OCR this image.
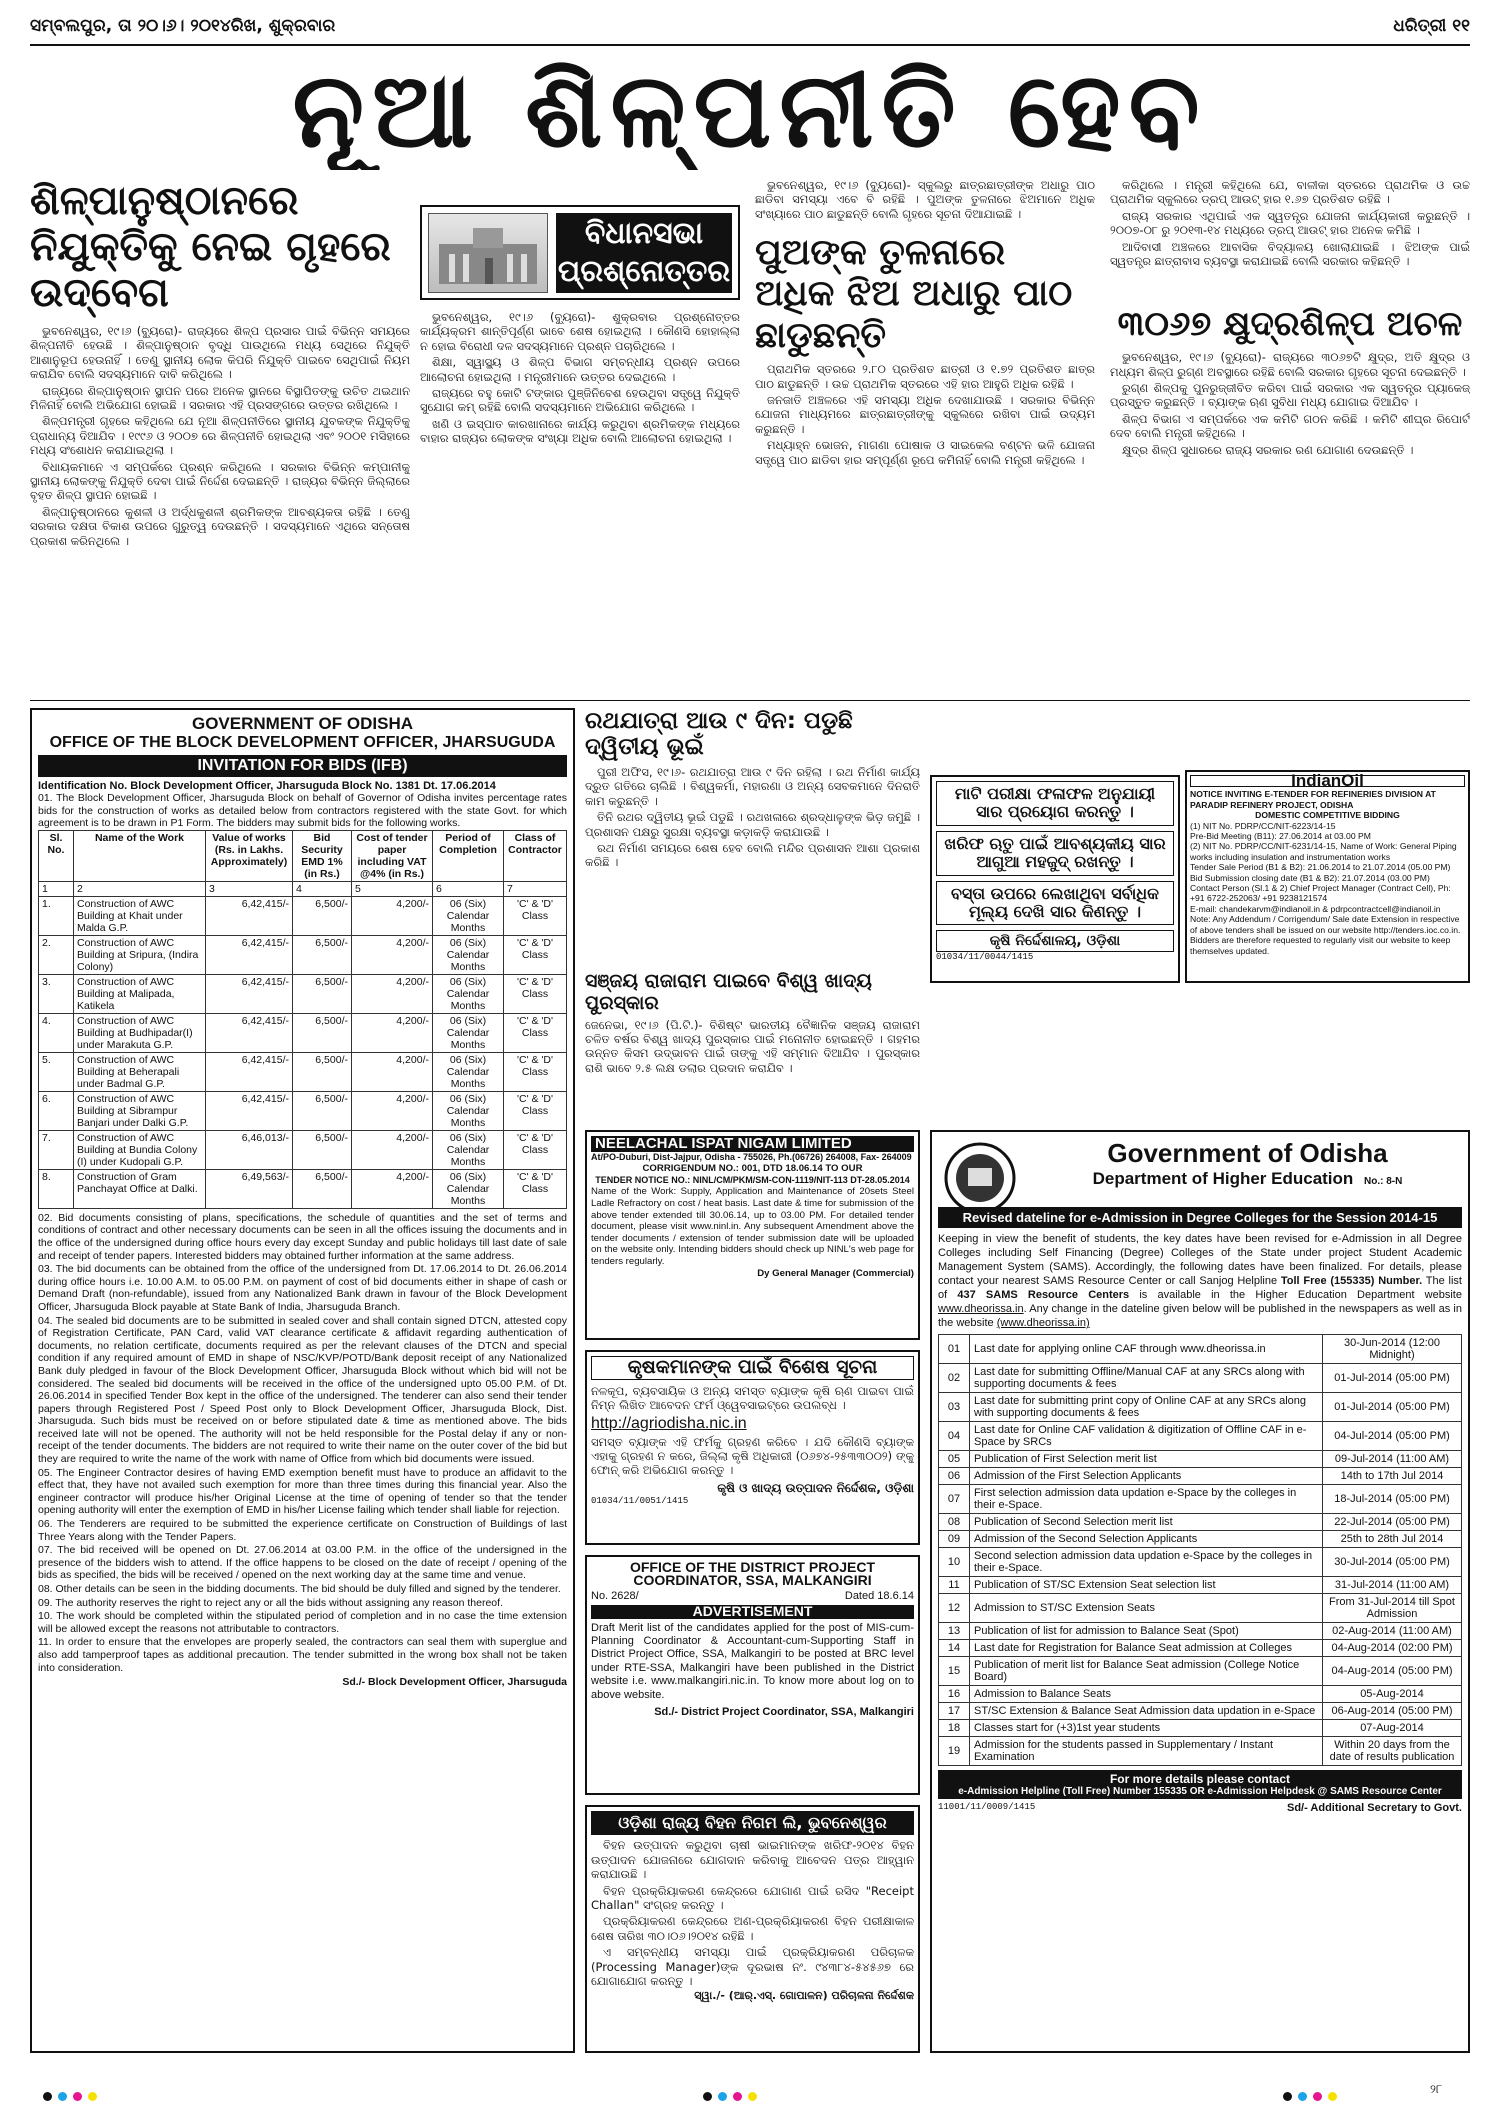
ସମ୍ବଲପୁର, ତା ୨୦।୬। ୨୦୧୪ରିଖ, ଶୁକ୍ରବାର	ଧରିତ୍ରୀ ୧୧
ନୂଆ ଶିଳ୍ପନୀତି ହେବ
ଶିଳ୍ପାନୁଷ୍ଠାନରେ ନିଯୁକ୍ତିକୁ ନେଇ ଗୃହରେ ଉଦ୍‌ବେଗ

ଭୁବନେଶ୍ୱର, ୧୯।୬ (ବ୍ୟୁରୋ)- ରାଜ୍ୟରେ ଶିଳ୍ପ ପ୍ରସାର ପାଇଁ ବିଭିନ୍ନ ସମୟରେ ଶିଳ୍ପନୀତି ହେଉଛି । ଶିଳ୍ପାନୁଷ୍ଠାନ ବୃଦ୍ଧି ପାଉଥିଲେ ମଧ୍ୟ ସେଥିରେ ନିଯୁକ୍ତି ଆଶାନୁରୂପ ହେଉନାହିଁ । ତେଣୁ ସ୍ଥାନୀୟ ଲୋକ କିପରି ନିଯୁକ୍ତି ପାଇବେ ସେଥିପାଇଁ ନିୟମ କରାଯିବ ବୋଲି ସଦସ୍ୟମାନେ ଦାବି କରିଥିଲେ ।

ରାଜ୍ୟରେ ଶିଳ୍ପାନୁଷ୍ଠାନ ସ୍ଥାପନ ପରେ ଅନେକ ସ୍ଥାନରେ ବିସ୍ଥାପିତଙ୍କୁ ଉଚିତ ଥଇଥାନ ମିଳିନାହିଁ ବୋଲି ଅଭିଯୋଗ ହୋଇଛି । ସରକାର ଏହି ପ୍ରସଙ୍ଗରେ ଉତ୍ତର ରଖିଥିଲେ ।

ଶିଳ୍ପମନ୍ତ୍ରୀ ଗୃହରେ କହିଥିଲେ ଯେ ନୂଆ ଶିଳ୍ପନୀତିରେ ସ୍ଥାନୀୟ ଯୁବକଙ୍କ ନିଯୁକ୍ତିକୁ ପ୍ରାଧାନ୍ୟ ଦିଆଯିବ । ୧୯୯୬ ଓ ୨୦୦୭ ରେ ଶିଳ୍ପନୀତି ହୋଇଥିଲା ଏବଂ ୨୦୦୧ ମସିହାରେ ମଧ୍ୟ ସଂଶୋଧନ କରାଯାଇଥିଲା ।

ବିଧାୟକମାନେ ଏ ସମ୍ପର୍କରେ ପ୍ରଶ୍ନ କରିଥିଲେ । ସରକାର ବିଭିନ୍ନ କମ୍ପାନୀକୁ ସ୍ଥାନୀୟ ଲୋକଙ୍କୁ ନିଯୁକ୍ତି ଦେବା ପାଇଁ ନିର୍ଦ୍ଦେଶ ଦେଇଛନ୍ତି । ରାଜ୍ୟର ବିଭିନ୍ନ ଜିଲ୍ଲାରେ ବୃହତ ଶିଳ୍ପ ସ୍ଥାପନ ହୋଇଛି ।

ଶିଳ୍ପାନୁଷ୍ଠାନରେ କୁଶଳୀ ଓ ଅର୍ଦ୍ଧକୁଶଳୀ ଶ୍ରମିକଙ୍କ ଆବଶ୍ୟକତା ରହିଛି । ତେଣୁ ସରକାର ଦକ୍ଷତା ବିକାଶ ଉପରେ ଗୁରୁତ୍ୱ ଦେଉଛନ୍ତି । ସଦସ୍ୟମାନେ ଏଥିରେ ସନ୍ତୋଷ ପ୍ରକାଶ କରିନଥିଲେ ।

ବିଧାନସଭା ପ୍ରଶ୍ନୋତ୍ତର

ଭୁବନେଶ୍ୱର, ୧୯।୬ (ବ୍ୟୁରୋ)- ଶୁକ୍ରବାର ପ୍ରଶ୍ନୋତ୍ତର କାର୍ଯ୍ୟକ୍ରମ ଶାନ୍ତିପୂର୍ଣ୍ଣ ଭାବେ ଶେଷ ହୋଇଥିଲା । କୌଣସି ହୋହାଲ୍ଲା ନ ହୋଇ ବିରୋଧୀ ଦଳ ସଦସ୍ୟମାନେ ପ୍ରଶ୍ନ ପଚାରିଥିଲେ ।

ଶିକ୍ଷା, ସ୍ୱାସ୍ଥ୍ୟ ଓ ଶିଳ୍ପ ବିଭାଗ ସମ୍ବନ୍ଧୀୟ ପ୍ରଶ୍ନ ଉପରେ ଆଲୋଚନା ହୋଇଥିଲା । ମନ୍ତ୍ରୀମାନେ ଉତ୍ତର ଦେଇଥିଲେ ।

ରାଜ୍ୟରେ ବହୁ କୋଟି ଟଙ୍କାର ପୁଞ୍ଜିନିବେଶ ହେଉଥିବା ସତ୍ତ୍ୱେ ନିଯୁକ୍ତି ସୁଯୋଗ କମ୍ ରହିଛି ବୋଲି ସଦସ୍ୟମାନେ ଅଭିଯୋଗ କରିଥିଲେ ।

ଖଣି ଓ ଇସ୍ପାତ କାରଖାନାରେ କାର୍ଯ୍ୟ କରୁଥିବା ଶ୍ରମିକଙ୍କ ମଧ୍ୟରେ ବାହାର ରାଜ୍ୟର ଲୋକଙ୍କ ସଂଖ୍ୟା ଅଧିକ ବୋଲି ଆଲୋଚନା ହୋଇଥିଲା ।

ଭୁବନେଶ୍ୱର, ୧୯।୬ (ବ୍ୟୁରୋ)- ସ୍କୁଲରୁ ଛାତ୍ରଛାତ୍ରୀଙ୍କ ଅଧାରୁ ପାଠ ଛାଡିବା ସମସ୍ୟା ଏବେ ବି ରହିଛି । ପୁଅଙ୍କ ତୁଳନାରେ ଝିଅମାନେ ଅଧିକ ସଂଖ୍ୟାରେ ପାଠ ଛାଡୁଛନ୍ତି ବୋଲି ଗୃହରେ ସୂଚନା ଦିଆଯାଇଛି ।

ପୁଅଙ୍କ ତୁଳନାରେ ଅଧିକ ଝିଅ ଅଧାରୁ ପାଠ ଛାଡୁଛନ୍ତି

ପ୍ରାଥମିକ ସ୍ତରରେ ୨.୮୦ ପ୍ରତିଶତ ଛାତ୍ରୀ ଓ ୧.୭୨ ପ୍ରତିଶତ ଛାତ୍ର ପାଠ ଛାଡୁଛନ୍ତି । ଉଚ୍ଚ ପ୍ରାଥମିକ ସ୍ତରରେ ଏହି ହାର ଆହୁରି ଅଧିକ ରହିଛି ।

ଜନଜାତି ଅଞ୍ଚଳରେ ଏହି ସମସ୍ୟା ଅଧିକ ଦେଖାଯାଉଛି । ସରକାର ବିଭିନ୍ନ ଯୋଜନା ମାଧ୍ୟମରେ ଛାତ୍ରଛାତ୍ରୀଙ୍କୁ ସ୍କୁଲରେ ରଖିବା ପାଇଁ ଉଦ୍ୟମ କରୁଛନ୍ତି ।

ମଧ୍ୟାହ୍ନ ଭୋଜନ, ମାଗଣା ପୋଷାକ ଓ ସାଇକେଲ ବଣ୍ଟନ ଭଳି ଯୋଜନା ସତ୍ତ୍ୱେ ପାଠ ଛାଡିବା ହାର ସମ୍ପୂର୍ଣ୍ଣ ରୂପେ କମିନାହିଁ ବୋଲି ମନ୍ତ୍ରୀ କହିଥିଲେ ।

କରିଥିଲେ । ମନ୍ତ୍ରୀ କହିଥିଲେ ଯେ, ବାଳୀକା ସ୍ତରରେ ପ୍ରାଥମିକ ଓ ଉଚ୍ଚ ପ୍ରାଥମିକ ସ୍କୁଲରେ ଡ୍ରପ୍ ଆଉଟ୍ ହାର ୧.୬୭ ପ୍ରତିଶତ ରହିଛି ।

ରାଜ୍ୟ ସରକାର ଏଥିପାଇଁ ଏକ ସ୍ୱତନ୍ତ୍ର ଯୋଜନା କାର୍ଯ୍ୟକାରୀ କରୁଛନ୍ତି । ୨୦୦୭-୦୮ ରୁ ୨୦୧୩-୧୪ ମଧ୍ୟରେ ଡ୍ରପ୍ ଆଉଟ୍ ହାର ଅନେକ କମିଛି ।

ଆଦିବାସୀ ଅଞ୍ଚଳରେ ଆବାସିକ ବିଦ୍ୟାଳୟ ଖୋଲାଯାଇଛି । ଝିଅଙ୍କ ପାଇଁ ସ୍ୱତନ୍ତ୍ର ଛାତ୍ରାବାସ ବ୍ୟବସ୍ଥା କରାଯାଇଛି ବୋଲି ସରକାର କହିଛନ୍ତି ।

୩୦୬୭ କ୍ଷୁଦ୍ରଶିଳ୍ପ ଅଚଳ

ଭୁବନେଶ୍ୱର, ୧୯।୬ (ବ୍ୟୁରୋ)- ରାଜ୍ୟରେ ୩୦୬୭ଟି କ୍ଷୁଦ୍ର, ଅତି କ୍ଷୁଦ୍ର ଓ ମଧ୍ୟମ ଶିଳ୍ପ ରୁଗ୍ଣ ଅବସ୍ଥାରେ ରହିଛି ବୋଲି ସରକାର ଗୃହରେ ସୂଚନା ଦେଇଛନ୍ତି ।

ରୁଗ୍ଣ ଶିଳ୍ପକୁ ପୁନରୁଜ୍ଜୀବିତ କରିବା ପାଇଁ ସରକାର ଏକ ସ୍ୱତନ୍ତ୍ର ପ୍ୟାକେଜ୍ ପ୍ରସ୍ତୁତ କରୁଛନ୍ତି । ବ୍ୟାଙ୍କ ଋଣ ସୁବିଧା ମଧ୍ୟ ଯୋଗାଇ ଦିଆଯିବ ।

ଶିଳ୍ପ ବିଭାଗ ଏ ସମ୍ପର୍କରେ ଏକ କମିଟି ଗଠନ କରିଛି । କମିଟି ଶୀଘ୍ର ରିପୋର୍ଟ ଦେବ ବୋଲି ମନ୍ତ୍ରୀ କହିଥିଲେ ।

କ୍ଷୁଦ୍ର ଶିଳ୍ପ ସୁଧାରରେ ରାଜ୍ୟ ସରକାର ରଣ ଯୋଗାଣ ଦେଉଛନ୍ତି ।

GOVERNMENT OF ODISHA
OFFICE OF THE BLOCK DEVELOPMENT OFFICER, JHARSUGUDA
INVITATION FOR BIDS (IFB)
Identification No. Block Development Officer, Jharsuguda Block No. 1381 Dt. 17.06.2014
01. The Block Development Officer, Jharsuguda Block on behalf of Governor of Odisha invites percentage rates bids for the construction of works as detailed below from contractors registered with the state Govt. for which agreement is to be drawn in P1 Form. The bidders may submit bids for the following works.
Sl. No.	Name of the Work	Value of works (Rs. in Lakhs. Approximately)	Bid Security EMD 1% (in Rs.)	Cost of tender paper including VAT @4% (in Rs.)	Period of Completion	Class of Contractor
1	2	3	4	5	6	7
1.	Construction of AWC Building at Khait under Malda G.P.	6,42,415/-	6,500/-	4,200/-	06 (Six) Calendar Months	'C' & 'D' Class
2.	Construction of AWC Building at Sripura, (Indira Colony)	6,42,415/-	6,500/-	4,200/-	06 (Six) Calendar Months	'C' & 'D' Class
3.	Construction of AWC Building at Malipada, Katikela	6,42,415/-	6,500/-	4,200/-	06 (Six) Calendar Months	'C' & 'D' Class
4.	Construction of AWC Building at Budhipadar(I) under Marakuta G.P.	6,42,415/-	6,500/-	4,200/-	06 (Six) Calendar Months	'C' & 'D' Class
5.	Construction of AWC Building at Beherapali under Badmal G.P.	6,42,415/-	6,500/-	4,200/-	06 (Six) Calendar Months	'C' & 'D' Class
6.	Construction of AWC Building at Sibrampur Banjari under Dalki G.P.	6,42,415/-	6,500/-	4,200/-	06 (Six) Calendar Months	'C' & 'D' Class
7.	Construction of AWC Building at Bundia Colony (I) under Kudopali G.P.	6,46,013/-	6,500/-	4,200/-	06 (Six) Calendar Months	'C' & 'D' Class
8.	Construction of Gram Panchayat Office at Dalki.	6,49,563/-	6,500/-	4,200/-	06 (Six) Calendar Months	'C' & 'D' Class

02. Bid documents consisting of plans, specifications, the schedule of quantities and the set of terms and conditions of contract and other necessary documents can be seen in all the offices issuing the documents and in the office of the undersigned during office hours every day except Sunday and public holidays till last date of sale and receipt of tender papers. Interested bidders may obtained further information at the same address.

03. The bid documents can be obtained from the office of the undersigned from Dt. 17.06.2014 to Dt. 26.06.2014 during office hours i.e. 10.00 A.M. to 05.00 P.M. on payment of cost of bid documents either in shape of cash or Demand Draft (non-refundable), issued from any Nationalized Bank drawn in favour of the Block Development Officer, Jharsuguda Block payable at State Bank of India, Jharsuguda Branch.

04. The sealed bid documents are to be submitted in sealed cover and shall contain signed DTCN, attested copy of Registration Certificate, PAN Card, valid VAT clearance certificate & affidavit regarding authentication of documents, no relation certificate, documents required as per the relevant clauses of the DTCN and special condition if any required amount of EMD in shape of NSC/KVP/POTD/Bank deposit receipt of any Nationalized Bank duly pledged in favour of the Block Development Officer, Jharsuguda Block without which bid will not be considered. The sealed bid documents will be received in the office of the undersigned upto 05.00 P.M. of Dt. 26.06.2014 in specified Tender Box kept in the office of the undersigned. The tenderer can also send their tender papers through Registered Post / Speed Post only to Block Development Officer, Jharsuguda Block, Dist. Jharsuguda. Such bids must be received on or before stipulated date & time as mentioned above. The bids received late will not be opened. The authority will not be held responsible for the Postal delay if any or non-receipt of the tender documents. The bidders are not required to write their name on the outer cover of the bid but they are required to write the name of the work with name of Office from which bid documents were issued.

05. The Engineer Contractor desires of having EMD exemption benefit must have to produce an affidavit to the effect that, they have not availed such exemption for more than three times during this financial year. Also the engineer contractor will produce his/her Original License at the time of opening of tender so that the tender opening authority will enter the exemption of EMD in his/her License failing which tender shall liable for rejection.

06. The Tenderers are required to be submitted the experience certificate on Construction of Buildings of last Three Years along with the Tender Papers.

07. The bid received will be opened on Dt. 27.06.2014 at 03.00 P.M. in the office of the undersigned in the presence of the bidders wish to attend. If the office happens to be closed on the date of receipt / opening of the bids as specified, the bids will be received / opened on the next working day at the same time and venue.

08. Other details can be seen in the bidding documents. The bid should be duly filled and signed by the tenderer.

09. The authority reserves the right to reject any or all the bids without assigning any reason thereof.

10. The work should be completed within the stipulated period of completion and in no case the time extension will be allowed except the reasons not attributable to contractors.

11. In order to ensure that the envelopes are properly sealed, the contractors can seal them with superglue and also add tamperproof tapes as additional precaution. The tender submitted in the wrong box shall not be taken into consideration.

Sd./- Block Development Officer, Jharsuguda
ରଥଯାତ୍ରା ଆଉ ୯ ଦିନ: ପଡୁଛି ଦ୍ୱିତୀୟ ଭୂଇଁ

ପୁରୀ ଅଫିସ, ୧୯।୬- ରଥଯାତ୍ରା ଆଉ ୯ ଦିନ ରହିଲା । ରଥ ନିର୍ମାଣ କାର୍ଯ୍ୟ ଦ୍ରୁତ ଗତିରେ ଚାଲିଛି । ବିଶ୍ୱକର୍ମା, ମହାରଣା ଓ ଅନ୍ୟ ସେବକମାନେ ଦିନରାତି କାମ କରୁଛନ୍ତି ।

ତିନି ରଥର ଦ୍ୱିତୀୟ ଭୂଇଁ ପଡୁଛି । ରଥଖଳାରେ ଶ୍ରଦ୍ଧାଳୁଙ୍କ ଭିଡ଼ ଜମୁଛି । ପ୍ରଶାସନ ପକ୍ଷରୁ ସୁରକ୍ଷା ବ୍ୟବସ୍ଥା କଡ଼ାକଡ଼ି କରାଯାଉଛି ।

ରଥ ନିର୍ମାଣ ସମୟରେ ଶେଷ ହେବ ବୋଲି ମନ୍ଦିର ପ୍ରଶାସନ ଆଶା ପ୍ରକାଶ କରିଛି ।

ସଞ୍ଜୟ ରାଜାରାମ ପାଇବେ ବିଶ୍ୱ ଖାଦ୍ୟ ପୁରସ୍କାର
ଜେନେଭା, ୧୯।୬ (ପି.ଟି.)- ବିଶିଷ୍ଟ ଭାରତୀୟ ବୈଜ୍ଞାନିକ ସଞ୍ଜୟ ରାଜାରାମ ଚଳିତ ବର୍ଷର ବିଶ୍ୱ ଖାଦ୍ୟ ପୁରସ୍କାର ପାଇଁ ମନୋନୀତ ହୋଇଛନ୍ତି । ଗହମର ଉନ୍ନତ କିସମ ଉଦ୍ଭାବନ ପାଇଁ ତାଙ୍କୁ ଏହି ସମ୍ମାନ ଦିଆଯିବ । ପୁରସ୍କାର ରାଶି ଭାବେ ୨.୫ ଲକ୍ଷ ଡଲାର ପ୍ରଦାନ କରାଯିବ ।
ମାଟି ପରୀକ୍ଷା ଫଳାଫଳ ଅନୁଯାୟୀ ସାର ପ୍ରୟୋଗ କରନ୍ତୁ ।
ଖରିଫ ଋତୁ ପାଇଁ ଆବଶ୍ୟକୀୟ ସାର ଆଗୁଆ ମହଜୁଦ୍ ରଖନ୍ତୁ ।
ବସ୍ତା ଉପରେ ଲେଖାଥିବା ସର୍ବାଧିକ ମୂଲ୍ୟ ଦେଖି ସାର କିଣନ୍ତୁ ।
କୃଷି ନିର୍ଦ୍ଦେଶାଳୟ, ଓଡ଼ିଶା
01034/11/0044/1415
IndianOil
NOTICE INVITING E-TENDER FOR REFINERIES DIVISION AT PARADIP REFINERY PROJECT, ODISHA
DOMESTIC COMPETITIVE BIDDING
(1) NIT No. PDRP/CC/NIT-6223/14-15
Pre-Bid Meeting (B11): 27.06.2014 at 03.00 PM
(2) NIT No. PDRP/CC/NIT-6231/14-15, Name of Work: General Piping works including insulation and instrumentation works
Tender Sale Period (B1 & B2): 21.06.2014 to 21.07.2014 (05.00 PM)
Bid Submission closing date (B1 & B2): 21.07.2014 (03.00 PM)
Contact Person (Sl.1 & 2) Chief Project Manager (Contract Cell), Ph: +91 6722-252063/ +91 9238121574
E-mail: chandekarvm@indianoil.in & pdrpcontractcell@indianoil.in
Note: Any Addendum / Corrigendum/ Sale date Extension in respective of above tenders shall be issued on our website http://tenders.ioc.co.in. Bidders are therefore requested to regularly visit our website to keep themselves updated.
NEELACHAL ISPAT NIGAM LIMITED
At/PO-Duburi, Dist-Jajpur, Odisha - 755026, Ph.(06726) 264008, Fax- 264009
CORRIGENDUM NO.: 001, DTD 18.06.14 TO OUR
TENDER NOTICE NO.: NINL/CM/PKM/SM-CON-1119/NIT-113 DT-28.05.2014
Name of the Work: Supply, Application and Maintenance of 20sets Steel Ladle Refractory on cost / heat basis. Last date & time for submission of the above tender extended till 30.06.14, up to 03.00 PM. For detailed tender document, please visit www.ninl.in. Any subsequent Amendment above the tender documents / extension of tender submission date will be uploaded on the website only. Intending bidders should check up NINL's web page for tenders regularly.
Dy General Manager (Commercial)
କୃଷକମାନଙ୍କ ପାଇଁ ବିଶେଷ ସୂଚନା
ନଳକୂପ, ବ୍ୟବସାୟିକ ଓ ଅନ୍ୟ ସମସ୍ତ ବ୍ୟାଙ୍କ କୃଷି ଋଣ ପାଇବା ପାଇଁ ନିମ୍ନ ଲିଖିତ ଆବେଦନ ଫର୍ମ ଓ୍ୱେବସାଇଟ୍‌ରେ ଉପଲବ୍ଧ ।
http://agriodisha.nic.in
ସମସ୍ତ ବ୍ୟାଙ୍କ ଏହି ଫର୍ମକୁ ଗ୍ରହଣ କରିବେ । ଯଦି କୌଣସି ବ୍ୟାଙ୍କ ଏହାକୁ ଗ୍ରହଣ ନ କରେ, ଜିଲ୍ଲା କୃଷି ଅଧିକାରୀ (୦୬୭୪-୨୫୩୩୦୦୨) ଙ୍କୁ ଫୋନ୍ କରି ଅଭିଯୋଗ କରନ୍ତୁ ।
କୃଷି ଓ ଖାଦ୍ୟ ଉତ୍ପାଦନ ନିର୍ଦ୍ଦେଶକ, ଓଡ଼ିଶା
01034/11/0051/1415
OFFICE OF THE DISTRICT PROJECT COORDINATOR, SSA, MALKANGIRI
No. 2628/	Dated 18.6.14
ADVERTISEMENT
Draft Merit list of the candidates applied for the post of MIS-cum-Planning Coordinator & Accountant-cum-Supporting Staff in District Project Office, SSA, Malkangiri to be posted at BRC level under RTE-SSA, Malkangiri have been published in the District website i.e. www.malkangiri.nic.in. To know more about log on to above website.
Sd./- District Project Coordinator, SSA, Malkangiri
ଓଡ଼ିଶା ରାଜ୍ୟ ବିହନ ନିଗମ ଲି, ଭୁବନେଶ୍ୱର

ବିହନ ଉତ୍ପାଦନ କରୁଥିବା ଚାଷୀ ଭାଇମାନଙ୍କ ଖରିଫ-୨୦୧୪ ବିହନ ଉତ୍ପାଦନ ଯୋଜନାରେ ଯୋଗଦାନ କରିବାକୁ ଆବେଦନ ପତ୍ର ଆହ୍ୱାନ କରାଯାଉଛି ।

ବିହନ ପ୍ରକ୍ରିୟାକରଣ କେନ୍ଦ୍ରରେ ଯୋଗାଣ ପାଇଁ ରସିଦ "Receipt Challan" ସଂଗ୍ରହ କରନ୍ତୁ ।

ପ୍ରକ୍ରିୟାକରଣ କେନ୍ଦ୍ରରେ ଅଣ-ପ୍ରକ୍ରିୟାକରଣ ବିହନ ପରୀକ୍ଷାକାଳ ଶେଷ ତାରିଖ ୩୦।୦୬।୨୦୧୪ ରହିଛି ।

ଏ ସମ୍ବନ୍ଧୀୟ ସମସ୍ୟା ପାଇଁ ପ୍ରକ୍ରିୟାକରଣ ପରିଚାଳକ (Processing Manager)ଙ୍କ ଦୂରଭାଷ ନଂ. ୯୪୩୮୪-୫୪୫୬୭ ରେ ଯୋଗାଯୋଗ କରନ୍ତୁ ।

ସ୍ୱା./- (ଆର୍.ଏସ୍. ଗୋପାଳନ) ପରିଚାଳନା ନିର୍ଦ୍ଦେଶକ
Government of Odisha
Department of Higher Education No.: 8-N
Revised dateline for e-Admission in Degree Colleges for the Session 2014-15
Keeping in view the benefit of students, the key dates have been revised for e-Admission in all Degree Colleges including Self Financing (Degree) Colleges of the State under project Student Academic Management System (SAMS). Accordingly, the following dates have been finalized. For details, please contact your nearest SAMS Resource Center or call Sanjog Helpline Toll Free (155335) Number. The list of 437 SAMS Resource Centers is available in the Higher Education Department website www.dheorissa.in. Any change in the dateline given below will be published in the newspapers as well as in the website (www.dheorissa.in)
01	Last date for applying online CAF through www.dheorissa.in	30-Jun-2014 (12:00 Midnight)
02	Last date for submitting Offline/Manual CAF at any SRCs along with supporting documents & fees	01-Jul-2014 (05:00 PM)
03	Last date for submitting print copy of Online CAF at any SRCs along with supporting documents & fees	01-Jul-2014 (05:00 PM)
04	Last date for Online CAF validation & digitization of Offline CAF in e-Space by SRCs	04-Jul-2014 (05:00 PM)
05	Publication of First Selection merit list	09-Jul-2014 (11:00 AM)
06	Admission of the First Selection Applicants	14th to 17th Jul 2014
07	First selection admission data updation e-Space by the colleges in their e-Space.	18-Jul-2014 (05:00 PM)
08	Publication of Second Selection merit list	22-Jul-2014 (05:00 PM)
09	Admission of the Second Selection Applicants	25th to 28th Jul 2014
10	Second selection admission data updation e-Space by the colleges in their e-Space.	30-Jul-2014 (05:00 PM)
11	Publication of ST/SC Extension Seat selection list	31-Jul-2014 (11:00 AM)
12	Admission to ST/SC Extension Seats	From 31-Jul-2014 till Spot Admission
13	Publication of list for admission to Balance Seat (Spot)	02-Aug-2014 (11:00 AM)
14	Last date for Registration for Balance Seat admission at Colleges	04-Aug-2014 (02:00 PM)
15	Publication of merit list for Balance Seat admission (College Notice Board)	04-Aug-2014 (05:00 PM)
16	Admission to Balance Seats	05-Aug-2014
17	ST/SC Extension & Balance Seat Admission data updation in e-Space	06-Aug-2014 (05:00 PM)
18	Classes start for (+3)1st year students	07-Aug-2014
19	Admission for the students passed in Supplementary / Instant Examination	Within 20 days from the date of results publication
For more details please contact
e-Admission Helpline (Toll Free) Number 155335 OR e-Admission Helpdesk @ SAMS Resource Center
11001/11/0009/1415	Sd/- Additional Secretary to Govt.
୨୮
